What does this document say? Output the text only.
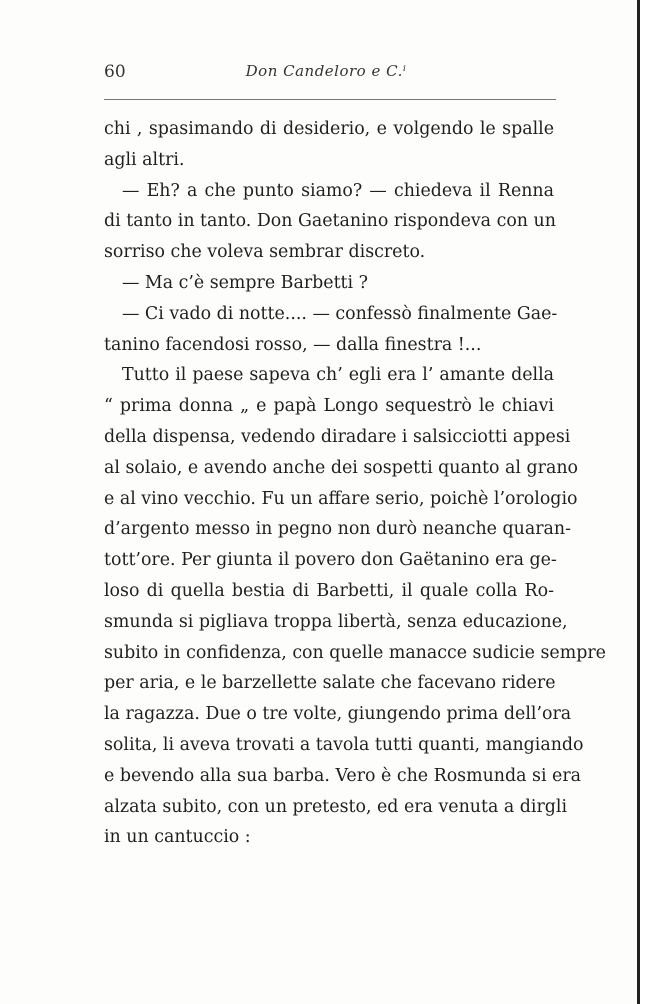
60	Don Candeloro e C.ⁱ
chi , spasimando di desiderio, e volgendo le spalle
agli altri.
— Eh? a che punto siamo? — chiedeva il Renna
di tanto in tanto. Don Gaetanino rispondeva con un
sorriso che voleva sembrar discreto.
— Ma c’è sempre Barbetti ?
— Ci vado di notte.... — confessò finalmente Gae-
tanino facendosi rosso, — dalla finestra !...
Tutto il paese sapeva ch’ egli era l’ amante della
“ prima donna „ e papà Longo sequestrò le chiavi
della dispensa, vedendo diradare i salsicciotti appesi
al solaio, e avendo anche dei sospetti quanto al grano
e al vino vecchio. Fu un affare serio, poichè l’orologio
d’argento messo in pegno non durò neanche quaran-
tott’ore. Per giunta il povero don Gaëtanino era ge-
loso di quella bestia di Barbetti, il quale colla Ro-
smunda si pigliava troppa libertà, senza educazione,
subito in confidenza, con quelle manacce sudicie sempre
per aria, e le barzellette salate che facevano ridere
la ragazza. Due o tre volte, giungendo prima dell’ora
solita, li aveva trovati a tavola tutti quanti, mangiando
e bevendo alla sua barba. Vero è che Rosmunda si era
alzata subito, con un pretesto, ed era venuta a dirgli
in un cantuccio :
